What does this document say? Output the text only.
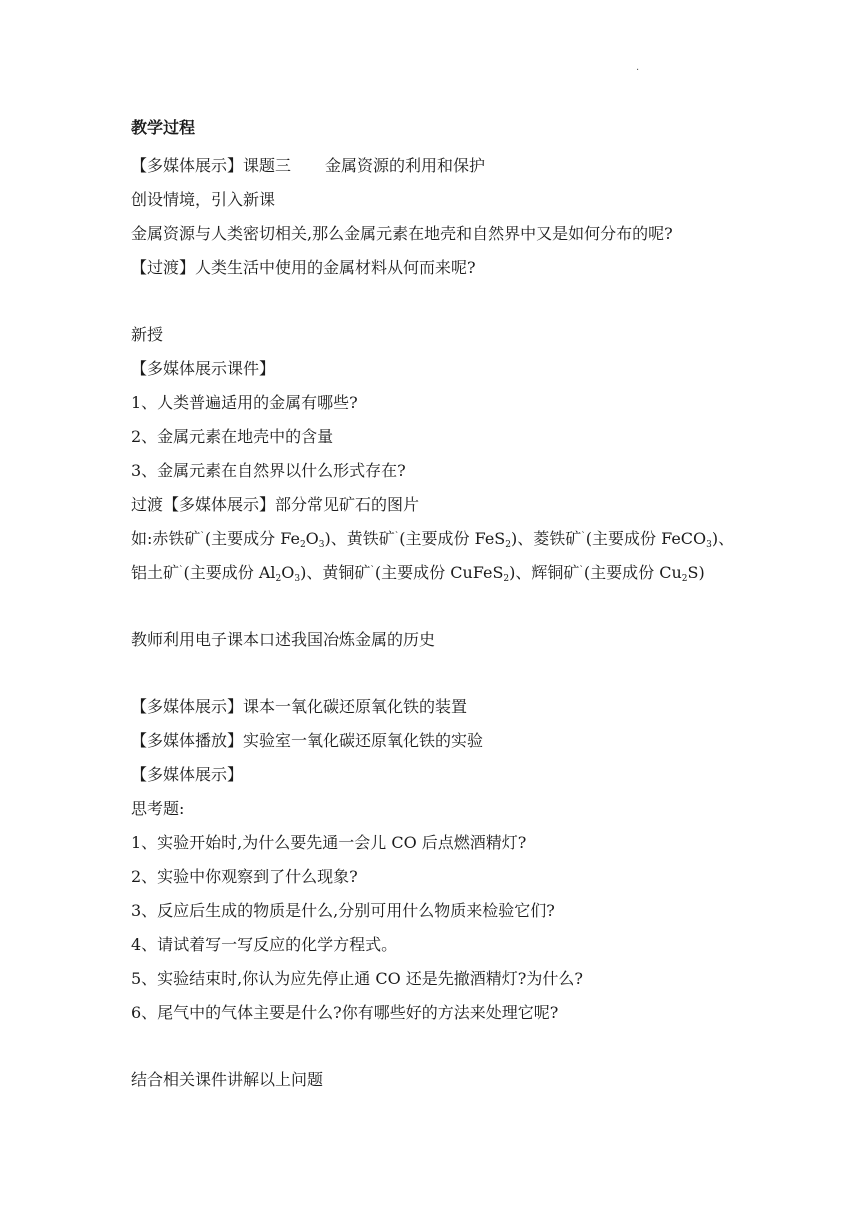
.
教学过程
【多媒体展示】课题三 金属资源的利用和保护
创设情境，引入新课
金属资源与人类密切相关,那么金属元素在地壳和自然界中又是如何分布的呢?
【过渡】人类生活中使用的金属材料从何而来呢?
新授
【多媒体展示课件】
1、人类普遍适用的金属有哪些?
2、金属元素在地壳中的含量
3、金属元素在自然界以什么形式存在?
过渡【多媒体展示】部分常见矿石的图片
如:赤铁矿`(主要成分 $Fe_2O_3$)、黄铁矿`(主要成份 FeS$_2$)、菱铁矿`(主要成份 FeCO$_3$)、
铝土矿`(主要成份 $Al_2O_3$)、黄铜矿`(主要成份 CuFeS$_2$)、辉铜矿`(主要成份 $Cu_2S$)
教师利用电子课本口述我国冶炼金属的历史
【多媒体展示】课本一氧化碳还原氧化铁的装置
【多媒体播放】实验室一氧化碳还原氧化铁的实验
【多媒体展示】
思考题:
1、实验开始时,为什么要先通一会儿 CO 后点燃酒精灯?
2、实验中你观察到了什么现象?
3、反应后生成的物质是什么,分别可用什么物质来检验它们?
4、请试着写一写反应的化学方程式。
5、实验结束时,你认为应先停止通 CO 还是先撤酒精灯?为什么?
6、尾气中的气体主要是什么?你有哪些好的方法来处理它呢?
结合相关课件讲解以上问题
